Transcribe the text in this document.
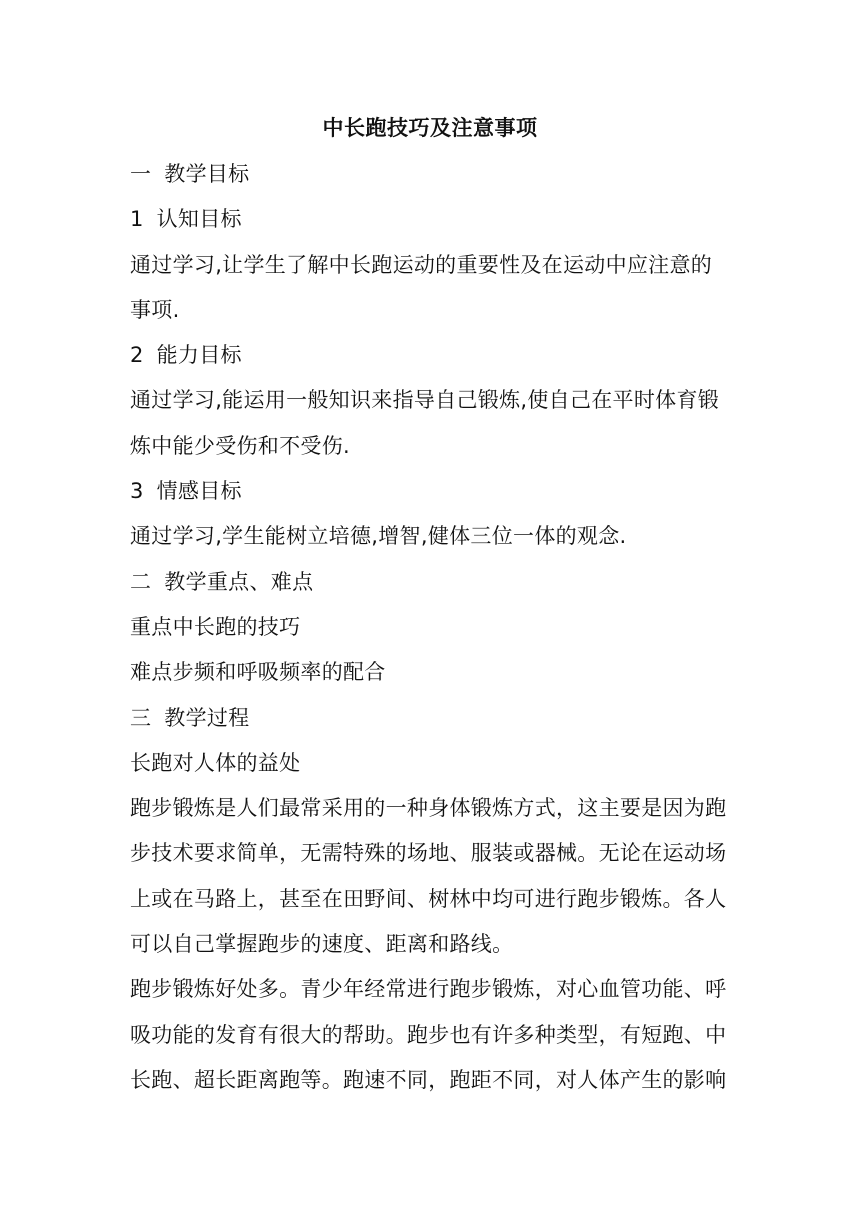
中长跑技巧及注意事项
一 教学目标
1 认知目标
通过学习,让学生了解中长跑运动的重要性及在运动中应注意的
事项.
2 能力目标
通过学习,能运用一般知识来指导自己锻炼,使自己在平时体育锻
炼中能少受伤和不受伤.
3 情感目标
通过学习,学生能树立培德,增智,健体三位一体的观念.
二 教学重点、难点
重点中长跑的技巧
难点步频和呼吸频率的配合
三 教学过程
长跑对人体的益处
跑步锻炼是人们最常采用的一种身体锻炼方式，这主要是因为跑
步技术要求简单，无需特殊的场地、服装或器械。无论在运动场
上或在马路上，甚至在田野间、树林中均可进行跑步锻炼。各人
可以自己掌握跑步的速度、距离和路线。
跑步锻炼好处多。青少年经常进行跑步锻炼，对心血管功能、呼
吸功能的发育有很大的帮助。跑步也有许多种类型，有短跑、中
长跑、超长距离跑等。跑速不同，跑距不同，对人体产生的影响
